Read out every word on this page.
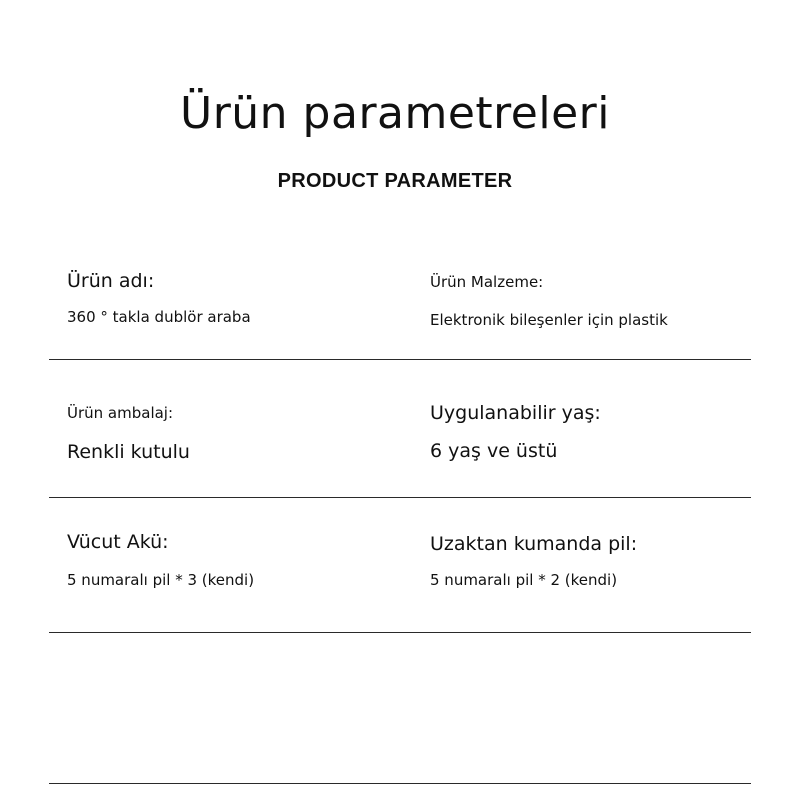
Ürün parametreleri
PRODUCT PARAMETER
Ürün adı:
360 ° takla dublör araba
Ürün Malzeme:
Elektronik bileşenler için plastik
Ürün ambalaj:
Renkli kutulu
Uygulanabilir yaş:
6 yaş ve üstü
Vücut Akü:
5 numaralı pil * 3 (kendi)
Uzaktan kumanda pil:
5 numaralı pil * 2 (kendi)
